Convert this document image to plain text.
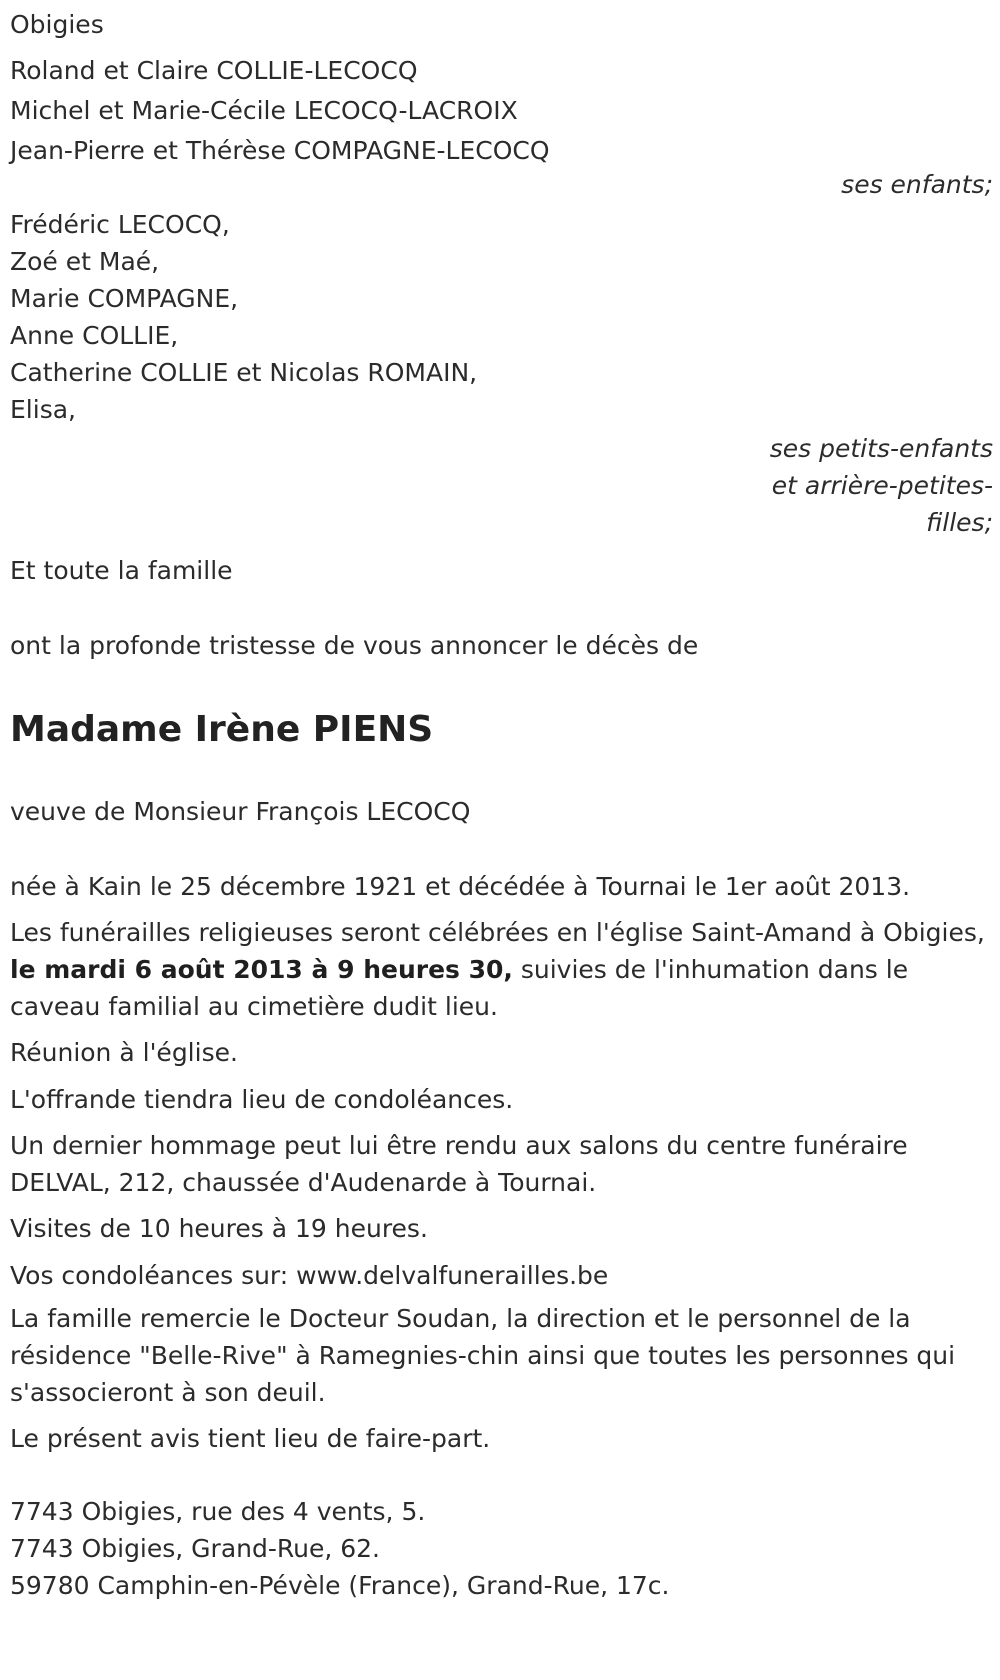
Obigies
Roland et Claire COLLIE-LECOCQ
Michel et Marie-Cécile LECOCQ-LACROIX
Jean-Pierre et Thérèse COMPAGNE-LECOCQ
ses enfants;
Frédéric LECOCQ,
Zoé et Maé,
Marie COMPAGNE,
Anne COLLIE,
Catherine COLLIE et Nicolas ROMAIN,
Elisa,
ses petits-enfants
et arrière-petites-
filles;
Et toute la famille
ont la profonde tristesse de vous annoncer le décès de
Madame Irène PIENS
veuve de Monsieur François LECOCQ
née à Kain le 25 décembre 1921 et décédée à Tournai le 1er août 2013.

Les funérailles religieuses seront célébrées en l'église Saint-Amand à Obigies, le mardi 6 août 2013 à 9 heures 30, suivies de l'inhumation dans le caveau familial au cimetière dudit lieu.

Réunion à l'église.
L'offrande tiendra lieu de condoléances.

Un dernier hommage peut lui être rendu aux salons du centre funéraire DELVAL, 212, chaussée d'Audenarde à Tournai.

Visites de 10 heures à 19 heures.
Vos condoléances sur: www.delvalfunerailles.be

La famille remercie le Docteur Soudan, la direction et le personnel de la résidence "Belle-Rive" à Ramegnies-chin ainsi que toutes les personnes qui s'associeront à son deuil.

Le présent avis tient lieu de faire-part.
7743 Obigies, rue des 4 vents, 5.
7743 Obigies, Grand-Rue, 62.
59780 Camphin-en-Pévèle (France), Grand-Rue, 17c.
